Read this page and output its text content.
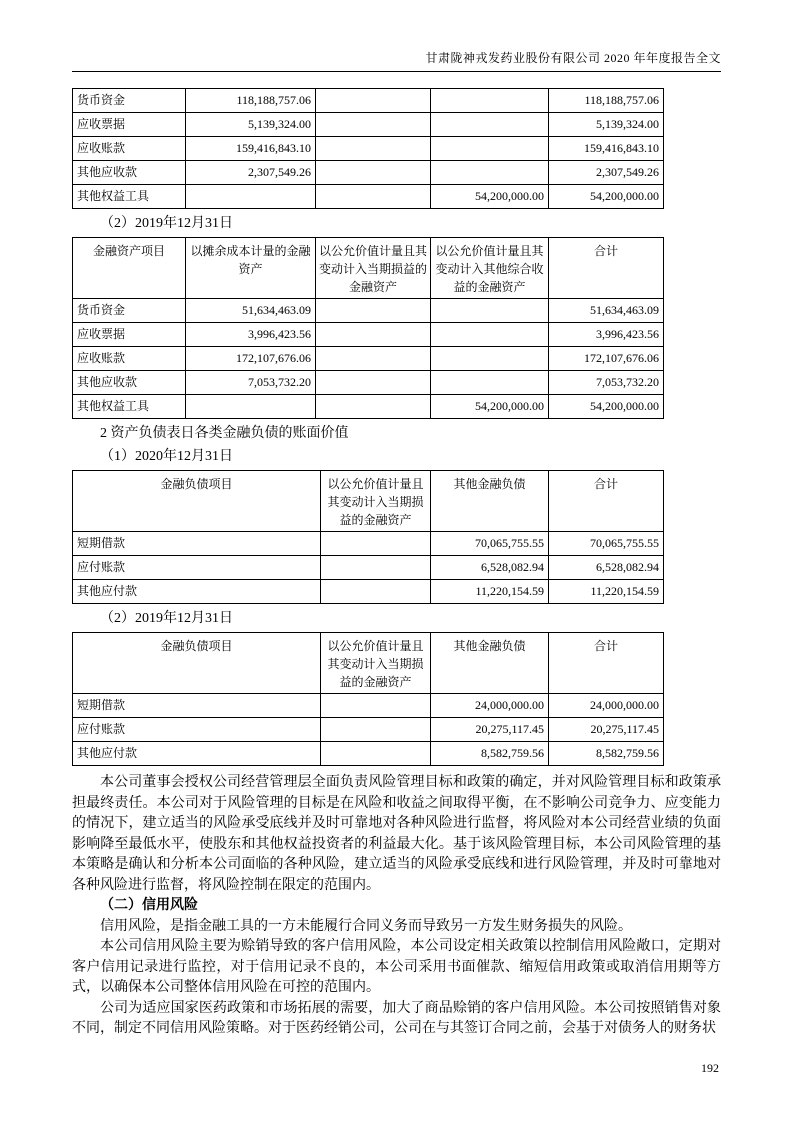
甘肃陇神戎发药业股份有限公司 2020 年年度报告全文
货币资金	118,188,757.06			118,188,757.06
应收票据	5,139,324.00			5,139,324.00
应收账款	159,416,843.10			159,416,843.10
其他应收款	2,307,549.26			2,307,549.26
其他权益工具			54,200,000.00	54,200,000.00

（2）2019年12月31日

金融资产项目	以摊余成本计量的金融资产	以公允价值计量且其变动计入当期损益的金融资产	以公允价值计量且其变动计入其他综合收益的金融资产	合计
货币资金	51,634,463.09			51,634,463.09
应收票据	3,996,423.56			3,996,423.56
应收账款	172,107,676.06			172,107,676.06
其他应收款	7,053,732.20			7,053,732.20
其他权益工具			54,200,000.00	54,200,000.00

2 资产负债表日各类金融负债的账面价值

（1）2020年12月31日

金融负债项目	以公允价值计量且其变动计入当期损益的金融资产	其他金融负债	合计
短期借款		70,065,755.55	70,065,755.55
应付账款		6,528,082.94	6,528,082.94
其他应付款		11,220,154.59	11,220,154.59

（2）2019年12月31日

金融负债项目	以公允价值计量且其变动计入当期损益的金融资产	其他金融负债	合计
短期借款		24,000,000.00	24,000,000.00
应付账款		20,275,117.45	20,275,117.45
其他应付款		8,582,759.56	8,582,759.56

本公司董事会授权公司经营管理层全面负责风险管理目标和政策的确定，并对风险管理目标和政策承担最终责任。本公司对于风险管理的目标是在风险和收益之间取得平衡，在不影响公司竞争力、应变能力的情况下，建立适当的风险承受底线并及时可靠地对各种风险进行监督，将风险对本公司经营业绩的负面影响降至最低水平，使股东和其他权益投资者的利益最大化。基于该风险管理目标，本公司风险管理的基本策略是确认和分析本公司面临的各种风险，建立适当的风险承受底线和进行风险管理，并及时可靠地对各种风险进行监督，将风险控制在限定的范围内。

（二）信用风险

信用风险，是指金融工具的一方未能履行合同义务而导致另一方发生财务损失的风险。

本公司信用风险主要为赊销导致的客户信用风险，本公司设定相关政策以控制信用风险敞口，定期对客户信用记录进行监控，对于信用记录不良的，本公司采用书面催款、缩短信用政策或取消信用期等方式，以确保本公司整体信用风险在可控的范围内。

公司为适应国家医药政策和市场拓展的需要，加大了商品赊销的客户信用风险。本公司按照销售对象不同，制定不同信用风险策略。对于医药经销公司，公司在与其签订合同之前，会基于对债务人的财务状

192
